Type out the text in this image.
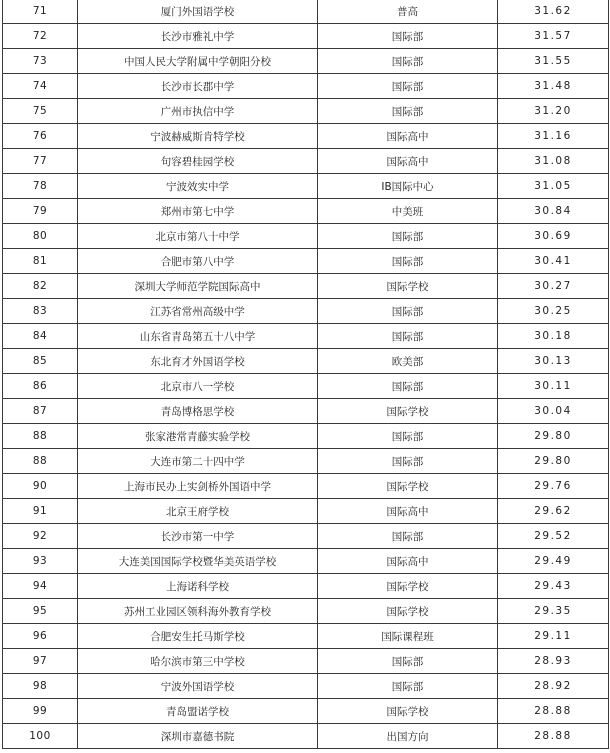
71	厦门外国语学校	普高	31.62
72	长沙市雅礼中学	国际部	31.57
73	中国人民大学附属中学朝阳分校	国际部	31.55
74	长沙市长郡中学	国际部	31.48
75	广州市执信中学	国际部	31.20
76	宁波赫威斯肯特学校	国际高中	31.16
77	句容碧桂园学校	国际高中	31.08
78	宁波效实中学	IB国际中心	31.05
79	郑州市第七中学	中美班	30.84
80	北京市第八十中学	国际部	30.69
81	合肥市第八中学	国际部	30.41
82	深圳大学师范学院国际高中	国际学校	30.27
83	江苏省常州高级中学	国际部	30.25
84	山东省青岛第五十八中学	国际部	30.18
85	东北育才外国语学校	欧美部	30.13
86	北京市八一学校	国际部	30.11
87	青岛博格思学校	国际学校	30.04
88	张家港常青藤实验学校	国际部	29.80
88	大连市第二十四中学	国际部	29.80
90	上海市民办上实剑桥外国语中学	国际学校	29.76
91	北京王府学校	国际高中	29.62
92	长沙市第一中学	国际部	29.52
93	大连美国国际学校暨华美英语学校	国际高中	29.49
94	上海诺科学校	国际学校	29.43
95	苏州工业园区领科海外教育学校	国际学校	29.35
96	合肥安生托马斯学校	国际课程班	29.11
97	哈尔滨市第三中学校	国际部	28.93
98	宁波外国语学校	国际部	28.92
99	青岛盟诺学校	国际学校	28.88
100	深圳市嘉德书院	出国方向	28.88
